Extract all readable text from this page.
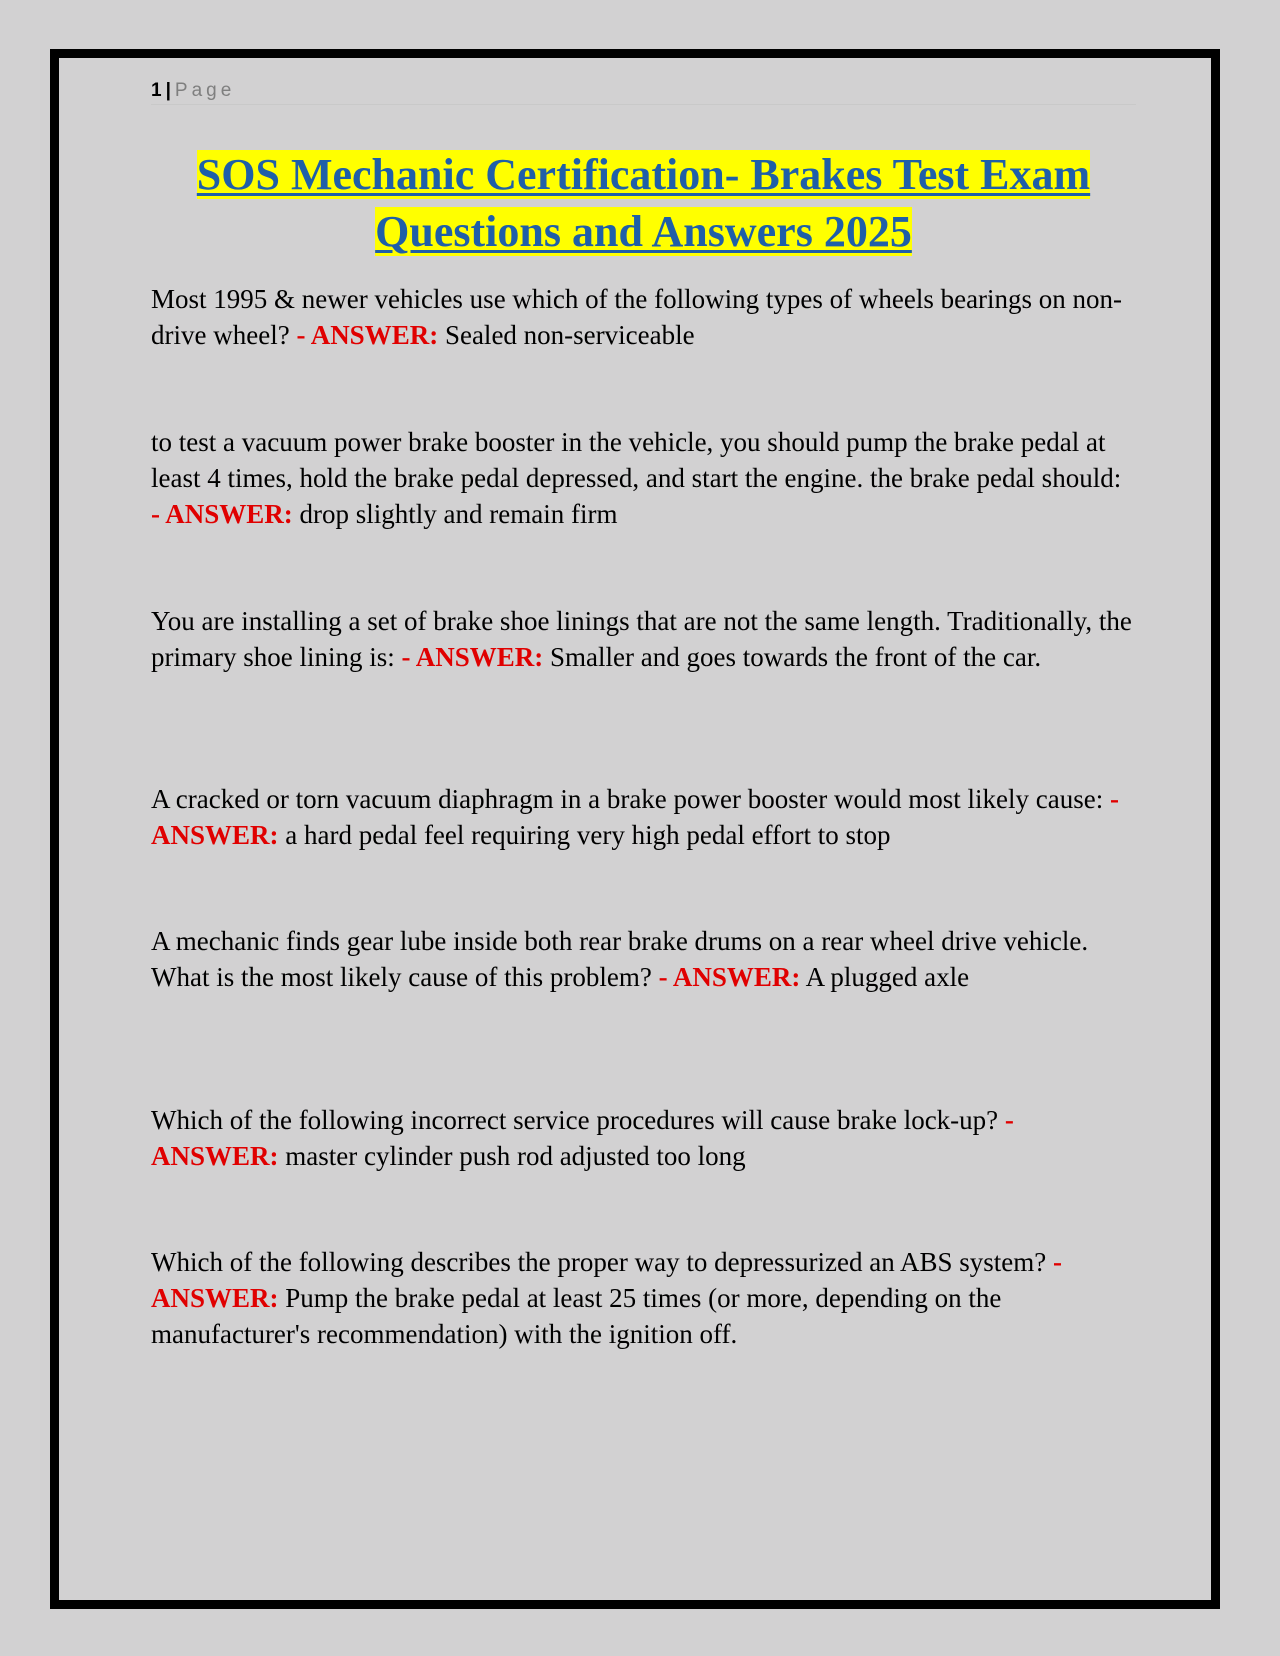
1 | Page
SOS Mechanic Certification- Brakes Test Exam
Questions and Answers 2025
Most 1995 & newer vehicles use which of the following types of wheels bearings on non-drive wheel? - ANSWER: Sealed non-serviceable
to test a vacuum power brake booster in the vehicle, you should pump the brake pedal at least 4 times, hold the brake pedal depressed, and start the engine. the brake pedal should: - ANSWER: drop slightly and remain firm
You are installing a set of brake shoe linings that are not the same length. Traditionally, the primary shoe lining is: - ANSWER: Smaller and goes towards the front of the car.
A cracked or torn vacuum diaphragm in a brake power booster would most likely cause: - ANSWER: a hard pedal feel requiring very high pedal effort to stop
A mechanic finds gear lube inside both rear brake drums on a rear wheel drive vehicle. What is the most likely cause of this problem? - ANSWER: A plugged axle
Which of the following incorrect service procedures will cause brake lock-up? - ANSWER: master cylinder push rod adjusted too long
Which of the following describes the proper way to depressurized an ABS system? - ANSWER: Pump the brake pedal at least 25 times (or more, depending on the manufacturer's recommendation) with the ignition off.
